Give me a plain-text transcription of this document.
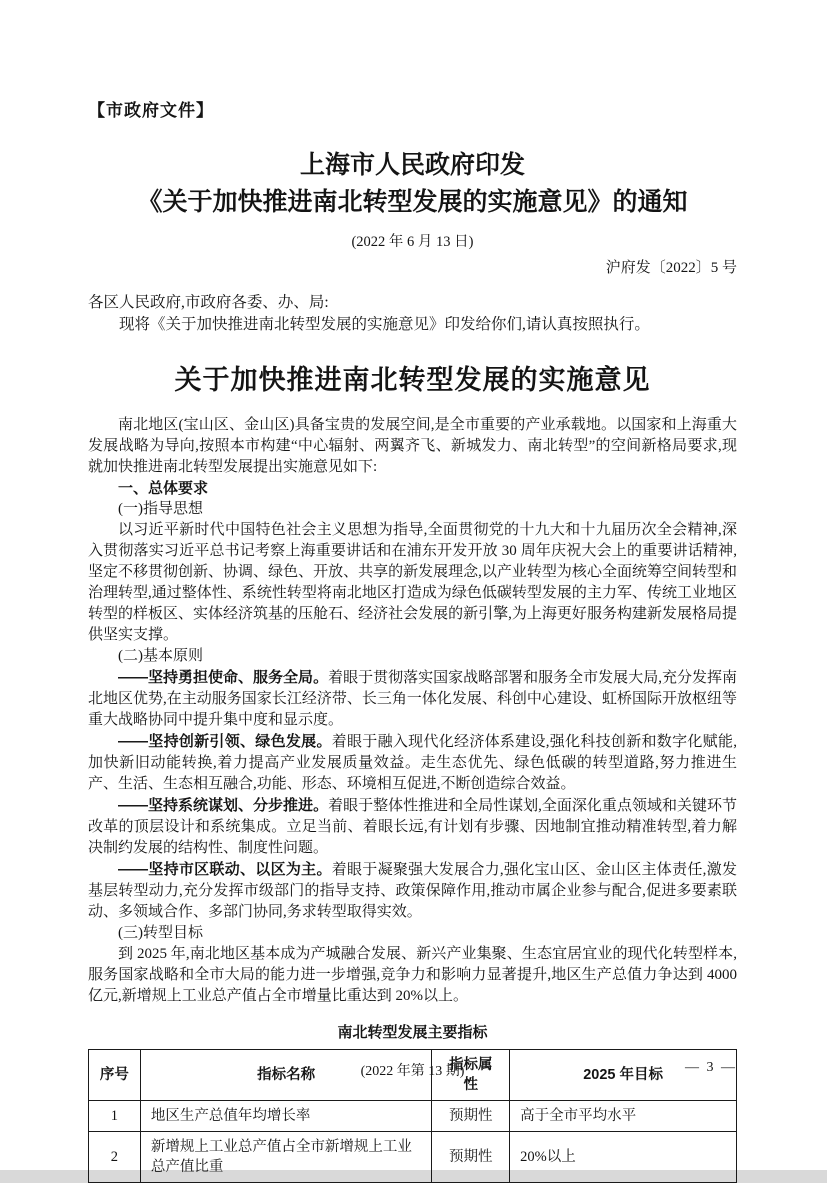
【市政府文件】
上海市人民政府印发
《关于加快推进南北转型发展的实施意见》的通知
(2022 年 6 月 13 日)
沪府发〔2022〕5 号
各区人民政府,市政府各委、办、局:

现将《关于加快推进南北转型发展的实施意见》印发给你们,请认真按照执行。

关于加快推进南北转型发展的实施意见

南北地区(宝山区、金山区)具备宝贵的发展空间,是全市重要的产业承载地。以国家和上海重大发展战略为导向,按照本市构建“中心辐射、两翼齐飞、新城发力、南北转型”的空间新格局要求,现就加快推进南北转型发展提出实施意见如下:

一、总体要求

(一)指导思想

以习近平新时代中国特色社会主义思想为指导,全面贯彻党的十九大和十九届历次全会精神,深入贯彻落实习近平总书记考察上海重要讲话和在浦东开发开放 30 周年庆祝大会上的重要讲话精神,坚定不移贯彻创新、协调、绿色、开放、共享的新发展理念,以产业转型为核心全面统筹空间转型和治理转型,通过整体性、系统性转型将南北地区打造成为绿色低碳转型发展的主力军、传统工业地区转型的样板区、实体经济筑基的压舱石、经济社会发展的新引擎,为上海更好服务构建新发展格局提供坚实支撑。

(二)基本原则

——坚持勇担使命、服务全局。着眼于贯彻落实国家战略部署和服务全市发展大局,充分发挥南北地区优势,在主动服务国家长江经济带、长三角一体化发展、科创中心建设、虹桥国际开放枢纽等重大战略协同中提升集中度和显示度。

——坚持创新引领、绿色发展。着眼于融入现代化经济体系建设,强化科技创新和数字化赋能,加快新旧动能转换,着力提高产业发展质量效益。走生态优先、绿色低碳的转型道路,努力推进生产、生活、生态相互融合,功能、形态、环境相互促进,不断创造综合效益。

——坚持系统谋划、分步推进。着眼于整体性推进和全局性谋划,全面深化重点领域和关键环节改革的顶层设计和系统集成。立足当前、着眼长远,有计划有步骤、因地制宜推动精准转型,着力解决制约发展的结构性、制度性问题。

——坚持市区联动、以区为主。着眼于凝聚强大发展合力,强化宝山区、金山区主体责任,激发基层转型动力,充分发挥市级部门的指导支持、政策保障作用,推动市属企业参与配合,促进多要素联动、多领域合作、多部门协同,务求转型取得实效。

(三)转型目标

到 2025 年,南北地区基本成为产城融合发展、新兴产业集聚、生态宜居宜业的现代化转型样本,服务国家战略和全市大局的能力进一步增强,竞争力和影响力显著提升,地区生产总值力争达到 4000 亿元,新增规上工业总产值占全市增量比重达到 20%以上。

南北转型发展主要指标
序号	指标名称	指标属性	2025 年目标
1	地区生产总值年均增长率	预期性	高于全市平均水平
2	新增规上工业总产值占全市新增规上工业总产值比重	预期性	20%以上
(2022 年第 13 期)	— 3 —
